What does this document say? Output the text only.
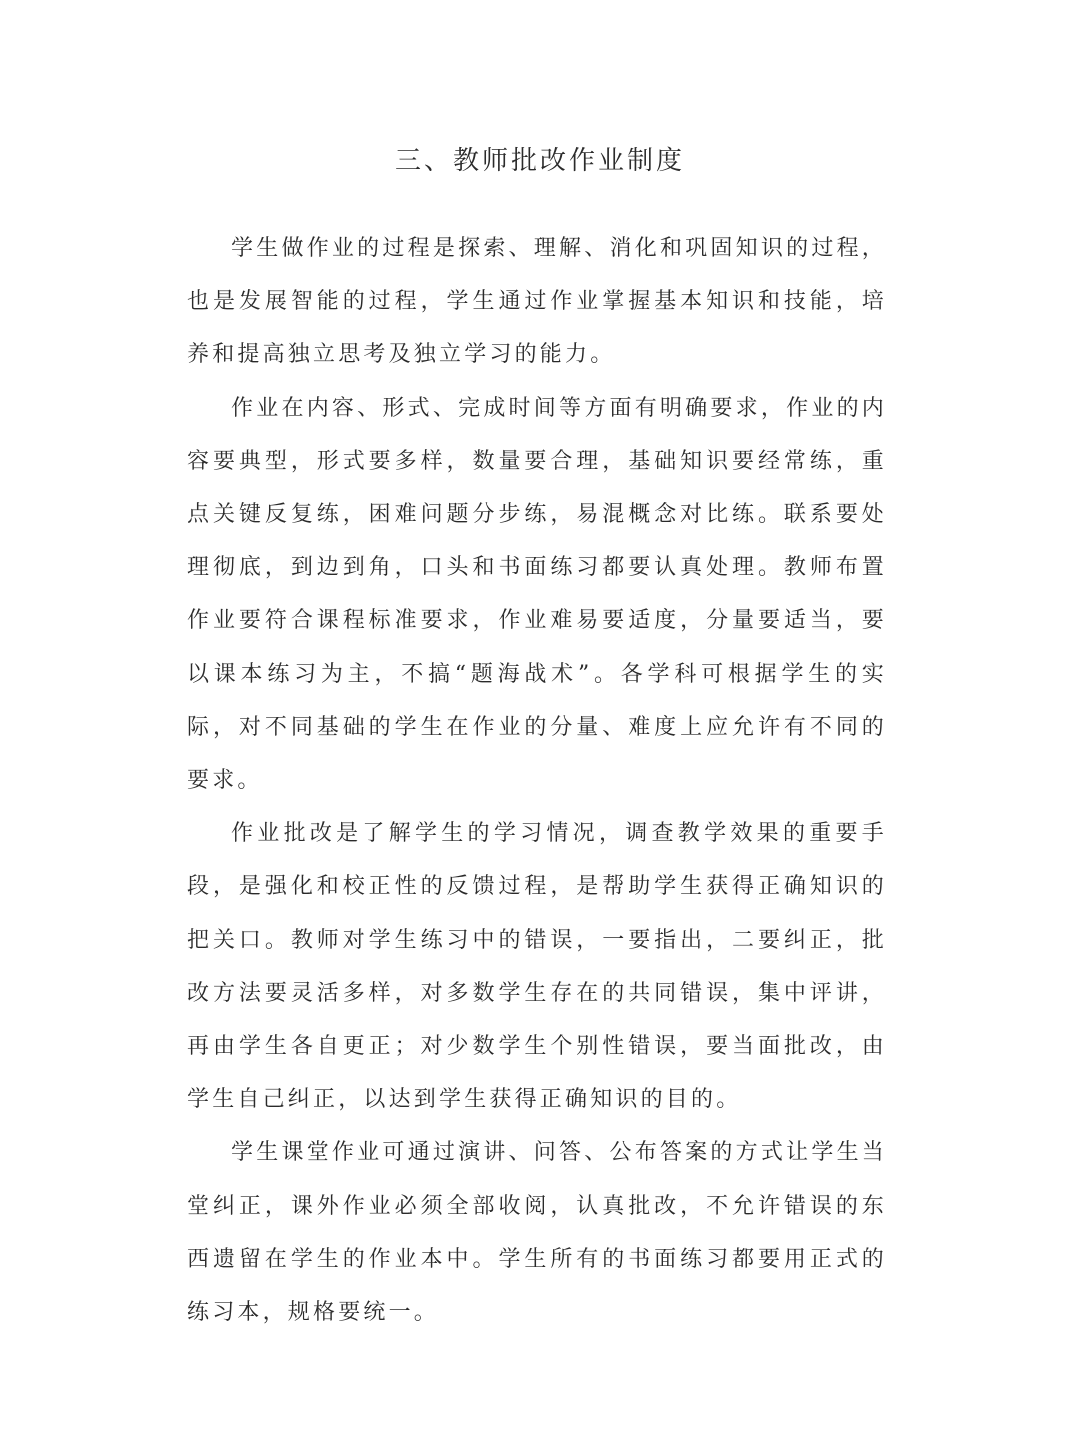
三、教师批改作业制度

学生做作业的过程是探索、理解、消化和巩固知识的过程，也是发展智能的过程，学生通过作业掌握基本知识和技能，培养和提高独立思考及独立学习的能力。

作业在内容、形式、完成时间等方面有明确要求，作业的内容要典型，形式要多样，数量要合理，基础知识要经常练，重点关键反复练，困难问题分步练，易混概念对比练。联系要处理彻底，到边到角，口头和书面练习都要认真处理。教师布置作业要符合课程标准要求，作业难易要适度，分量要适当，要以课本练习为主，不搞“题海战术”。各学科可根据学生的实际，对不同基础的学生在作业的分量、难度上应允许有不同的要求。

作业批改是了解学生的学习情况，调查教学效果的重要手段，是强化和校正性的反馈过程，是帮助学生获得正确知识的把关口。教师对学生练习中的错误，一要指出，二要纠正，批改方法要灵活多样，对多数学生存在的共同错误，集中评讲，再由学生各自更正；对少数学生个别性错误，要当面批改，由学生自己纠正，以达到学生获得正确知识的目的。

学生课堂作业可通过演讲、问答、公布答案的方式让学生当堂纠正，课外作业必须全部收阅，认真批改，不允许错误的东西遗留在学生的作业本中。学生所有的书面练习都要用正式的练习本，规格要统一。
